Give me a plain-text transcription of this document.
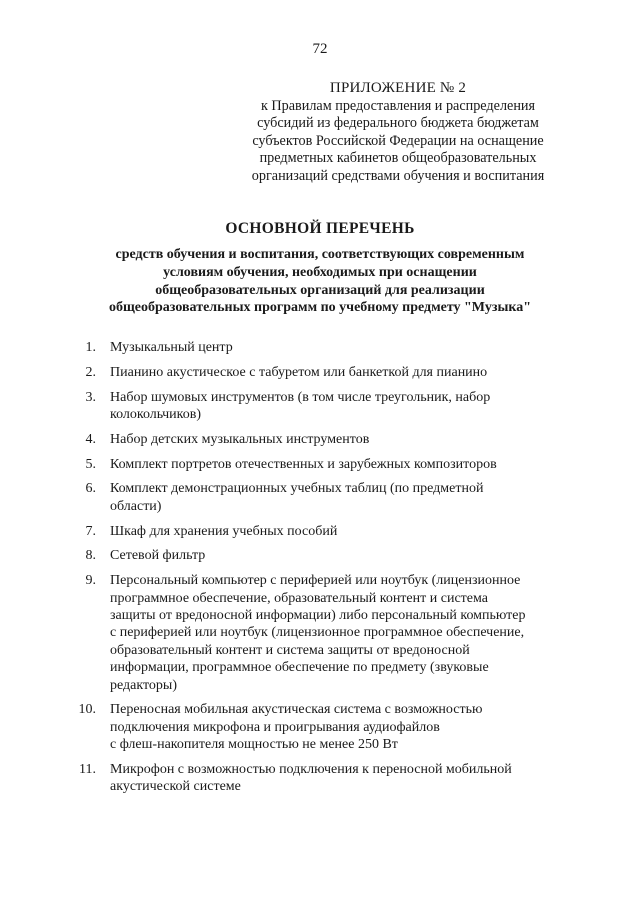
72
ПРИЛОЖЕНИЕ № 2
к Правилам предоставления и распределения
субсидий из федерального бюджета бюджетам
субъектов Российской Федерации на оснащение
предметных кабинетов общеобразовательных
организаций средствами обучения и воспитания
ОСНОВНОЙ ПЕРЕЧЕНЬ
средств обучения и воспитания, соответствующих современным
условиям обучения, необходимых при оснащении
общеобразовательных организаций для реализации
общеобразовательных программ по учебному предмету "Музыка"
1. Музыкальный центр
2. Пианино акустическое с табуретом или банкеткой для пианино
3. Набор шумовых инструментов (в том числе треугольник, набор
колокольчиков)
4. Набор детских музыкальных инструментов
5. Комплект портретов отечественных и зарубежных композиторов
6. Комплект демонстрационных учебных таблиц (по предметной
области)
7. Шкаф для хранения учебных пособий
8. Сетевой фильтр
9. Персональный компьютер с периферией или ноутбук (лицензионное
программное обеспечение, образовательный контент и система
защиты от вредоносной информации) либо персональный компьютер
с периферией или ноутбук (лицензионное программное обеспечение,
образовательный контент и система защиты от вредоносной
информации, программное обеспечение по предмету (звуковые
редакторы)
10. Переносная мобильная акустическая система с возможностью
подключения микрофона и проигрывания аудиофайлов
с флеш-накопителя мощностью не менее 250 Вт
11. Микрофон с возможностью подключения к переносной мобильной
акустической системе
